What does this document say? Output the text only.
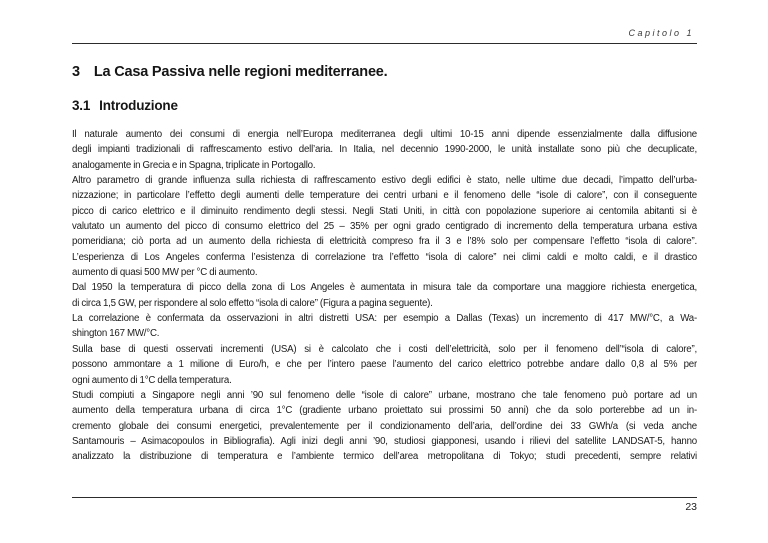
Capitolo 1
3 La Casa Passiva nelle regioni mediterranee.
3.1 Introduzione
Il naturale aumento dei consumi di energia nell’Europa mediterranea degli ultimi 10-15 anni dipende essenzialmente dalla diffusione
degli impianti tradizionali di raffrescamento estivo dell’aria. In Italia, nel decennio 1990-2000, le unità installate sono più che decuplicate,
analogamente in Grecia e in Spagna, triplicate in Portogallo.
Altro parametro di grande influenza sulla richiesta di raffrescamento estivo degli edifici è stato, nelle ultime due decadi, l’impatto dell’urba-
nizzazione; in particolare l’effetto degli aumenti delle temperature dei centri urbani e il fenomeno delle “isole di calore”, con il conseguente
picco di carico elettrico e il diminuito rendimento degli stessi. Negli Stati Uniti, in città con popolazione superiore ai centomila abitanti si è
valutato un aumento del picco di consumo elettrico del 25 – 35% per ogni grado centigrado di incremento della temperatura urbana estiva
pomeridiana; ciò porta ad un aumento della richiesta di elettricità compreso fra il 3 e l’8% solo per compensare l’effetto “isola di calore”.
L’esperienza di Los Angeles conferma l’esistenza di correlazione tra l’effetto “isola di calore” nei climi caldi e molto caldi, e il drastico
aumento di quasi 500 MW per °C di aumento.
Dal 1950 la temperatura di picco della zona di Los Angeles è aumentata in misura tale da comportare una maggiore richiesta energetica,
di circa 1,5 GW, per rispondere al solo effetto “isola di calore” (Figura a pagina seguente).
La correlazione è confermata da osservazioni in altri distretti USA: per esempio a Dallas (Texas) un incremento di 417 MW/°C, a Wa-
shington 167 MW/°C.
Sulla base di questi osservati incrementi (USA) si è calcolato che i costi dell’elettricità, solo per il fenomeno dell’“isola di calore”,
possono ammontare a 1 milione di Euro/h, e che per l’intero paese l’aumento del carico elettrico potrebbe andare dallo 0,8 al 5% per
ogni aumento di 1°C della temperatura.
Studi compiuti a Singapore negli anni ’90 sul fenomeno delle “isole di calore” urbane, mostrano che tale fenomeno può portare ad un
aumento della temperatura urbana di circa 1°C (gradiente urbano proiettato sui prossimi 50 anni) che da solo porterebbe ad un in-
cremento globale dei consumi energetici, prevalentemente per il condizionamento dell’aria, dell’ordine dei 33 GWh/a (si veda anche
Santamouris – Asimacopoulos in Bibliografia). Agli inizi degli anni ’90, studiosi giapponesi, usando i rilievi del satellite LANDSAT-5, hanno
analizzato la distribuzione di temperatura e l’ambiente termico dell’area metropolitana di Tokyo; studi precedenti, sempre relativi
23
